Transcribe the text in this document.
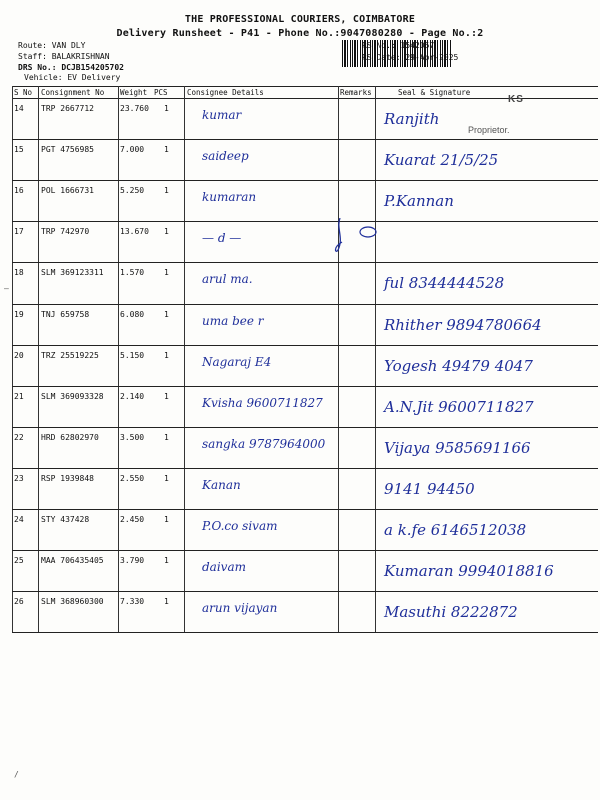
THE PROFESSIONAL COURIERS, COIMBATORE
Delivery Runsheet - P41 - Phone No.:9047080280 - Page No.:2
Route: VAN DLY
Staff: BALAKRISHNAN
DRS No.: DCJB154205702
Vehicle: EV Delivery
RS No.: 1542057
RS Date: 29-Apr-2025
S No Consignment No Weight PCS	Consignee Details	Remarks	Seal & Signature
14 TRP 2667712	23.760 1	kumar	Ranjith
15 PGT 4756985	7.000 1	saideep	Kuarat 21/5/25
16 POL 1666731	5.250 1	kumaran	P.Kannan
17 TRP 742970	13.670 1	— d —
18 SLM 369123311 1.570 1	arul ma.	ful 8344444528
19 TNJ 659758	6.080 1	uma bee r	Rhither 9894780664
20 TRZ 25519225	5.150 1	Nagaraj E4	Yogesh 49479 4047
21 SLM 369093328 2.140 1	Kvisha 9600711827	A.N.Jit 9600711827
22 HRD 62802970	3.500 1	sangka 9787964000	Vijaya 9585691166
23 RSP 1939848	2.550 1	Kanan	9141 94450
24 STY 437428	2.450 1	P.O.co sivam	a k.fe 6146512038
25 MAA 706435405 3.790 1	daivam	Kumaran 9994018816
26 SLM 368960300 7.330 1	arun vijayan	Masuthi 8222872
KS
Proprietor.
—
/
